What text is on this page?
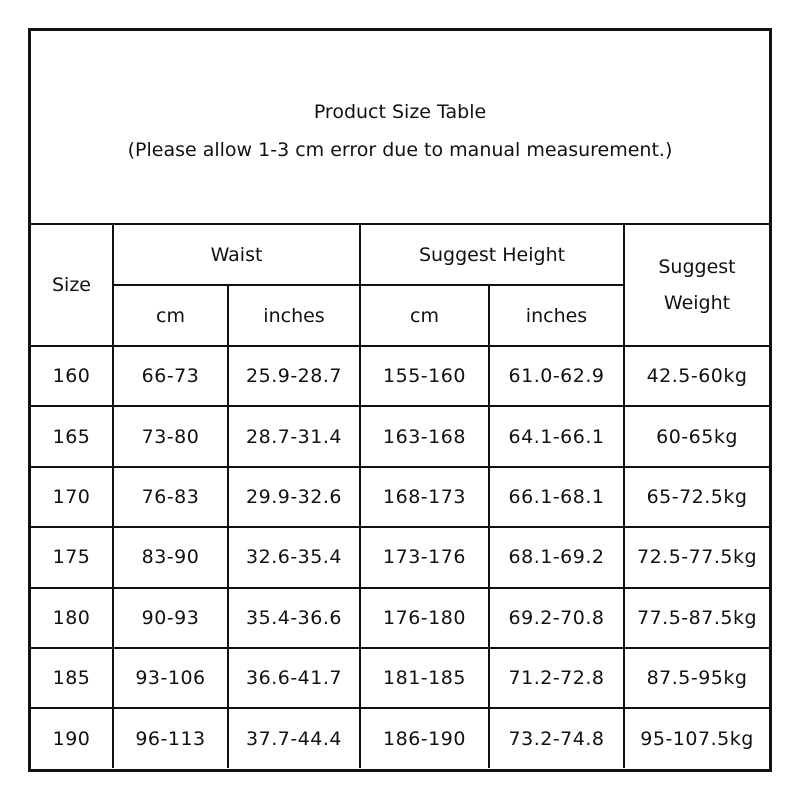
Product Size Table
(Please allow 1-3 cm error due to manual measurement.)
Size	Waist		Suggest Height		Suggest
Weight

	cm	inches	cm	inches	
160	66-73	25.9-28.7	155-160	61.0-62.9	42.5-60kg
165	73-80	28.7-31.4	163-168	64.1-66.1	60-65kg
170	76-83	29.9-32.6	168-173	66.1-68.1	65-72.5kg
175	83-90	32.6-35.4	173-176	68.1-69.2	72.5-77.5kg
180	90-93	35.4-36.6	176-180	69.2-70.8	77.5-87.5kg
185	93-106	36.6-41.7	181-185	71.2-72.8	87.5-95kg
190	96-113	37.7-44.4	186-190	73.2-74.8	95-107.5kg
